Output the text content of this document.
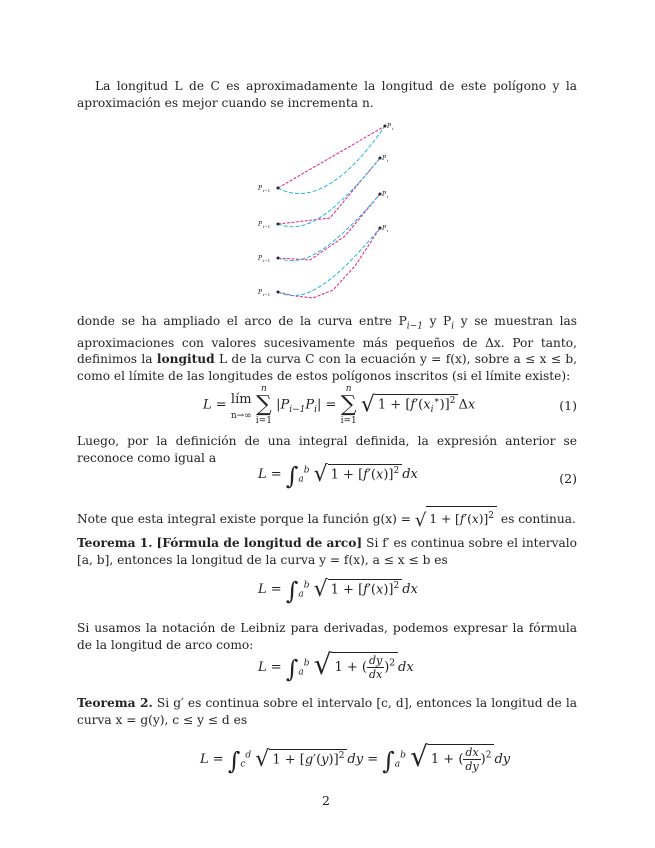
La longitud L de C es aproximadamente la longitud de este polígono y la aproximación es mejor cuando se incrementa n.
P i−1
P i
P i−1
P i
P i−1
P i
P i−1
P i
donde se ha ampliado el arco de la curva entre $P_{i-1}$ y $P_i$ y se muestran las aproximaciones con valores sucesivamente más pequeños de Δx. Por tanto, definimos la longitud L de la curva C con la ecuación y = f(x), sobre a ≤ x ≤ b, como el límite de las longitudes de estos polígonos inscritos (si el límite existe):
L = lím
n→∞

n
∑
i=1
$|P_{i-1}P_i|$ =
n
∑
i=1
√ $1 + [f'(x_i^∗)]^2$ Δx	(1)
Luego, por la definición de una integral definida, la expresión anterior se reconoce como igual a
$L = \int_a^b$ √ $1 + [f'(x)]^2$ dx	(2)
Note que esta integral existe porque la función g(x) = √ $1 + [f'(x)]^2$ es continua.
Teorema 1. [Fórmula de longitud de arco] Si f′ es continua sobre el intervalo [a, b], entonces la longitud de la curva y = f(x), a ≤ x ≤ b es
$L = \int_a^b$ √ $1 + [f'(x)]^2$ dx
Si usamos la notación de Leibniz para derivadas, podemos expresar la fórmula de la longitud de arco como:
$L = \int_a^b$ √ 1 + ( $\frac{dy}{dx} )^2$ dx
Teorema 2. Si g′ es continua sobre el intervalo [c, d], entonces la longitud de la curva x = g(y), c ≤ y ≤ d es
$L = \int_c^d$ √ $1 + [g'(y)]^2$ dy = $\int_a^b$ √ 1 + ( $\frac{dx}{dy} )^2$ dy
2
